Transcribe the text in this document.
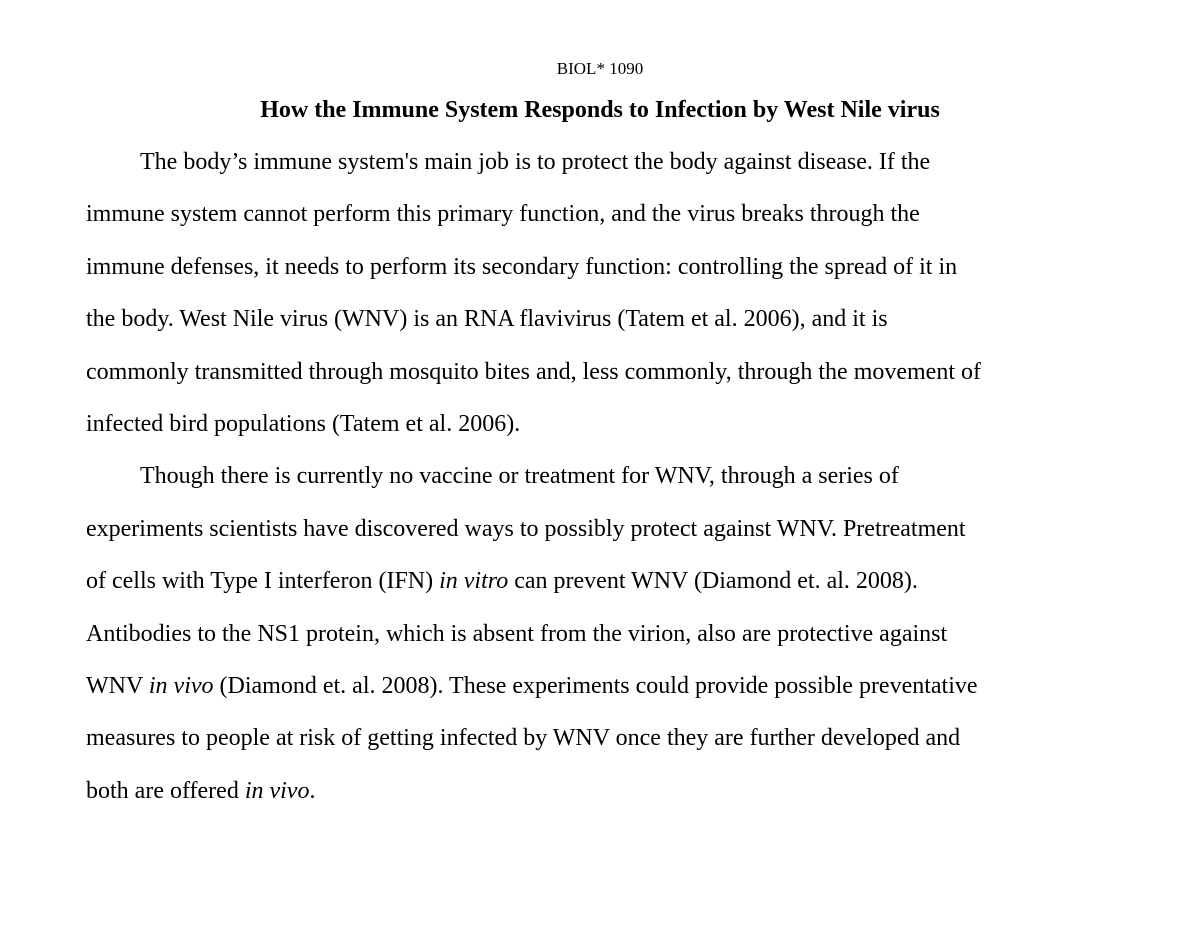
BIOL* 1090
How the Immune System Responds to Infection by West Nile virus

The body’s immune system's main job is to protect the body against disease. If the
immune system cannot perform this primary function, and the virus breaks through the
immune defenses, it needs to perform its secondary function: controlling the spread of it in
the body. West Nile virus (WNV) is an RNA flavivirus (Tatem et al. 2006), and it is
commonly transmitted through mosquito bites and, less commonly, through the movement of
infected bird populations (Tatem et al. 2006).

Though there is currently no vaccine or treatment for WNV, through a series of
experiments scientists have discovered ways to possibly protect against WNV. Pretreatment
of cells with Type I interferon (IFN) in vitro can prevent WNV (Diamond et. al. 2008).
Antibodies to the NS1 protein, which is absent from the virion, also are protective against
WNV in vivo (Diamond et. al. 2008). These experiments could provide possible preventative
measures to people at risk of getting infected by WNV once they are further developed and
both are offered in vivo.
